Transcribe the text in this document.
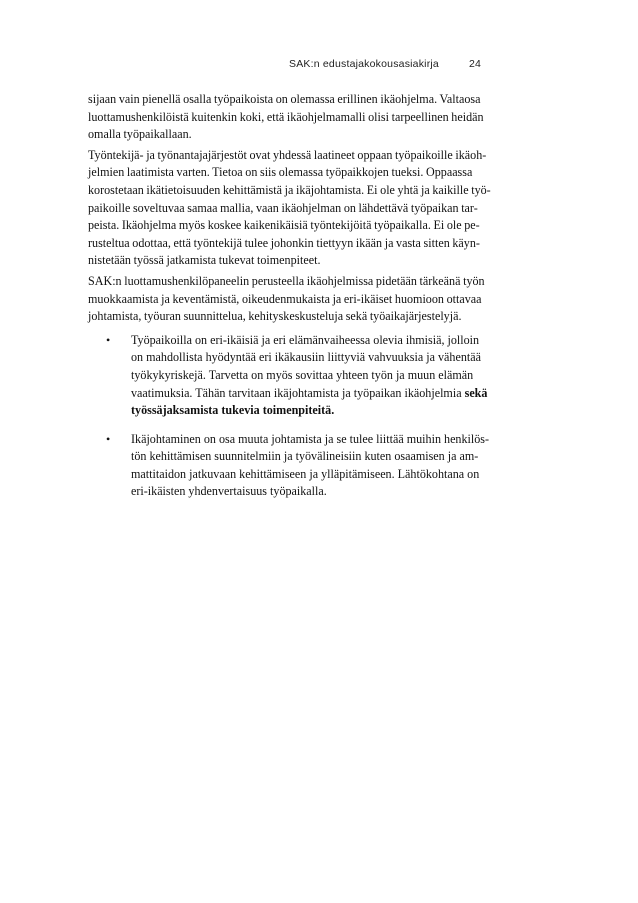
SAK:n edustajakokousasiakirja	24

sijaan vain pienellä osalla työpaikoista on olemassa erillinen ikäohjelma. Valtaosa
luottamushenkilöistä kuitenkin koki, että ikäohjelmamalli olisi tarpeellinen heidän
omalla työpaikallaan.

Työntekijä- ja työnantajajärjestöt ovat yhdessä laatineet oppaan työpaikoille ikäoh-
jelmien laatimista varten. Tietoa on siis olemassa työpaikkojen tueksi. Oppaassa
korostetaan ikätietoisuuden kehittämistä ja ikäjohtamista. Ei ole yhtä ja kaikille työ-
paikoille soveltuvaa samaa mallia, vaan ikäohjelman on lähdettävä työpaikan tar-
peista. Ikäohjelma myös koskee kaikenikäisiä työntekijöitä työpaikalla. Ei ole pe-
rusteltua odottaa, että työntekijä tulee johonkin tiettyyn ikään ja vasta sitten käyn-
nistetään työssä jatkamista tukevat toimenpiteet.

SAK:n luottamushenkilöpaneelin perusteella ikäohjelmissa pidetään tärkeänä työn
muokkaamista ja keventämistä, oikeudenmukaista ja eri-ikäiset huomioon ottavaa
johtamista, työuran suunnittelua, kehityskeskusteluja sekä työaikajärjestelyjä.

• Työpaikoilla on eri-ikäisiä ja eri elämänvaiheessa olevia ihmisiä, jolloin
on mahdollista hyödyntää eri ikäkausiin liittyviä vahvuuksia ja vähentää
työkykyriskejä. Tarvetta on myös sovittaa yhteen työn ja muun elämän
vaatimuksia. Tähän tarvitaan ikäjohtamista ja työpaikan ikäohjelmia sekä
työssäjaksamista tukevia toimenpiteitä.
• Ikäjohtaminen on osa muuta johtamista ja se tulee liittää muihin henkilös-
tön kehittämisen suunnitelmiin ja työvälineisiin kuten osaamisen ja am-
mattitaidon jatkuvaan kehittämiseen ja ylläpitämiseen. Lähtökohtana on
eri-ikäisten yhdenvertaisuus työpaikalla.
